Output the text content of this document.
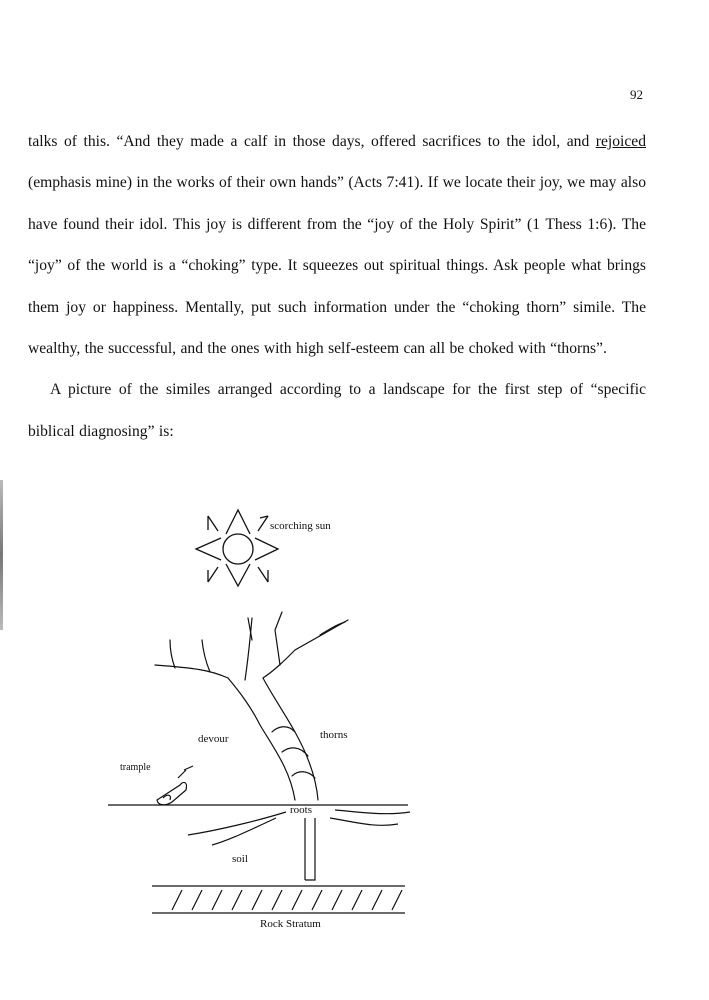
92

talks of this. “And they made a calf in those days, offered sacrifices to the idol, and rejoiced (emphasis mine) in the works of their own hands” (Acts 7:41). If we locate their joy, we may also have found their idol. This joy is different from the “joy of the Holy Spirit” (1 Thess 1:6). The “joy” of the world is a “choking” type. It squeezes out spiritual things. Ask people what brings them joy or happiness. Mentally, put such information under the “choking thorn” simile. The wealthy, the successful, and the ones with high self-esteem can all be choked with “thorns”.

A picture of the similes arranged according to a landscape for the first step of “specific biblical diagnosing” is:

scorching sun
devour	thorns
trample
roots
soil
Rock Stratum
